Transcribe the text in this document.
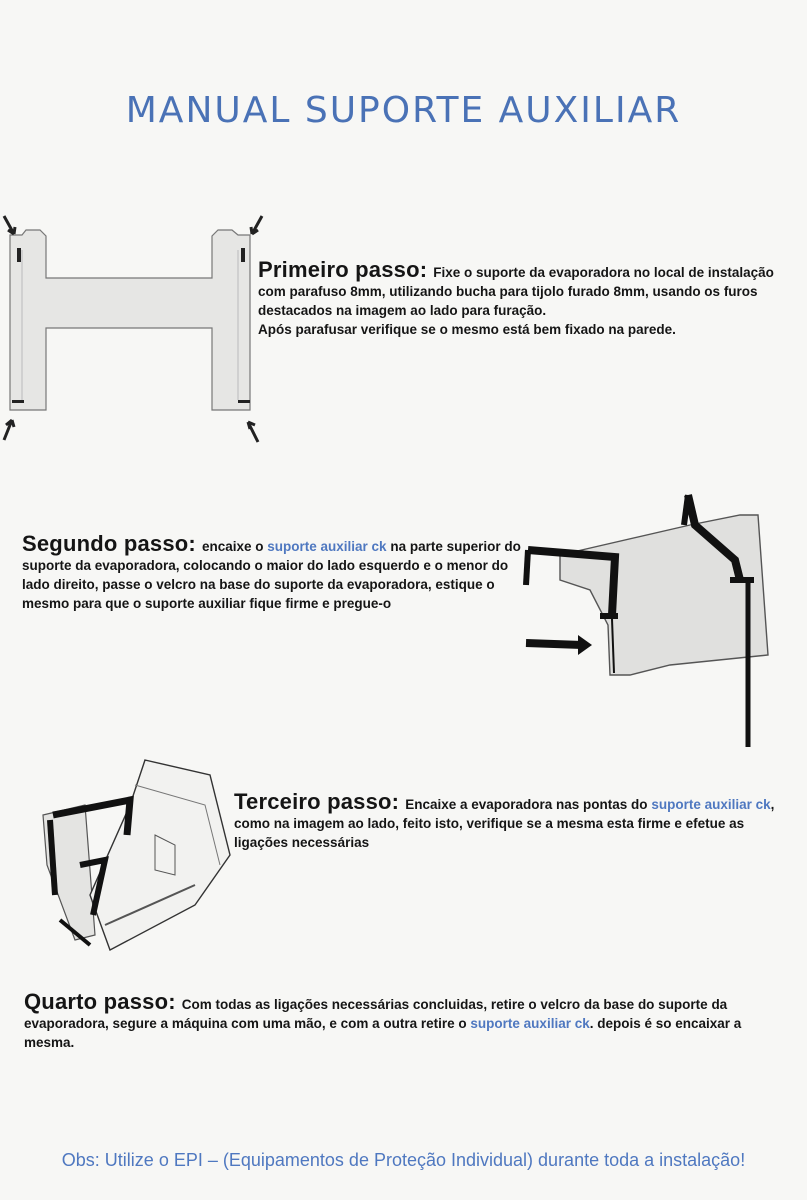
MANUAL SUPORTE AUXILIAR
Primeiro passo: Fixe o suporte da evaporadora no local de instalação com parafuso 8mm, utilizando bucha para tijolo furado 8mm, usando os furos destacados na imagem ao lado para furação.
Após parafusar verifique se o mesmo está bem fixado na parede.
Segundo passo: encaixe o suporte auxiliar ck na parte superior do suporte da evaporadora, colocando o maior do lado esquerdo e o menor do lado direito, passe o velcro na base do suporte da evaporadora, estique o mesmo para que o suporte auxiliar fique firme e pregue-o
Terceiro passo: Encaixe a evaporadora nas pontas do suporte auxiliar ck, como na imagem ao lado, feito isto, verifique se a mesma esta firme e efetue as ligações necessárias
Quarto passo: Com todas as ligações necessárias concluidas, retire o velcro da base do suporte da evaporadora, segure a máquina com uma mão, e com a outra retire o suporte auxiliar ck. depois é so encaixar a mesma.
Obs: Utilize o EPI – (Equipamentos de Proteção Individual) durante toda a instalação!
